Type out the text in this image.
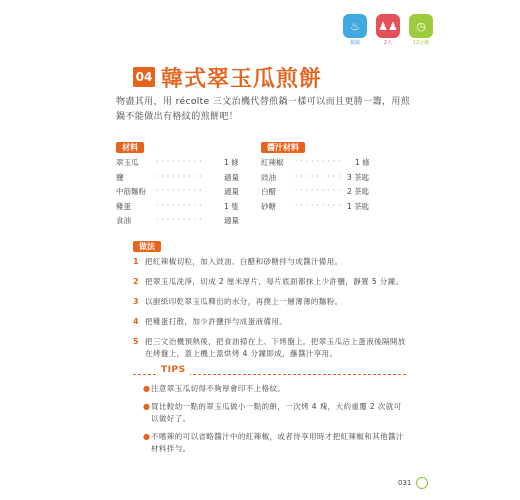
♨
鍋鍋
♟♟
2人
◷
12分鐘
04 韓式翠玉瓜煎餅
物盡其用，用 récolte 三文治機代替煎鍋一樣可以而且更勝一籌，用煎鍋不能做出有格紋的煎餅吧！
材料
翠玉瓜 ·········	1 條
鹽	·········	適量
中筋麵粉 ·········	適量
雞蛋	·········	1 隻
食油	·········	適量
醬汁材料
紅辣椒 ········· 1 條
豉油	········· 3 茶匙
白醋	········· 2 茶匙
砂糖	········· 1 茶匙
做法
1 把紅辣椒切粒，加入豉油、白醋和砂糖拌勻成醬汁備用。
2 把翠玉瓜洗淨，切成 2 厘米厚片，每片底面都抹上少許鹽，靜置 5 分鐘。
3 以廚紙印乾翠玉瓜釋出的水分，再撲上一層薄薄的麵粉。
4 把雞蛋打散，加少許鹽拌勻成蛋液備用。
5 把三文治機預熱後，把食油掃在上、下烤盤上。把翠玉瓜沾上蛋液後隔開放在烤盤上，蓋上機上蓋烘烤 4 分鐘即成，蘸醬汁享用。
TIPS
● 注意翠玉瓜切得不夠厚會印不上格紋。
● 買比較幼一點的翠玉瓜做小一點的餅，一次烤 4 塊，大約重覆 2 次就可以做好了。
● 不嗜辣的可以省略醬汁中的紅辣椒，或者待享用時才把紅辣椒和其他醬汁材料拌勻。
031
